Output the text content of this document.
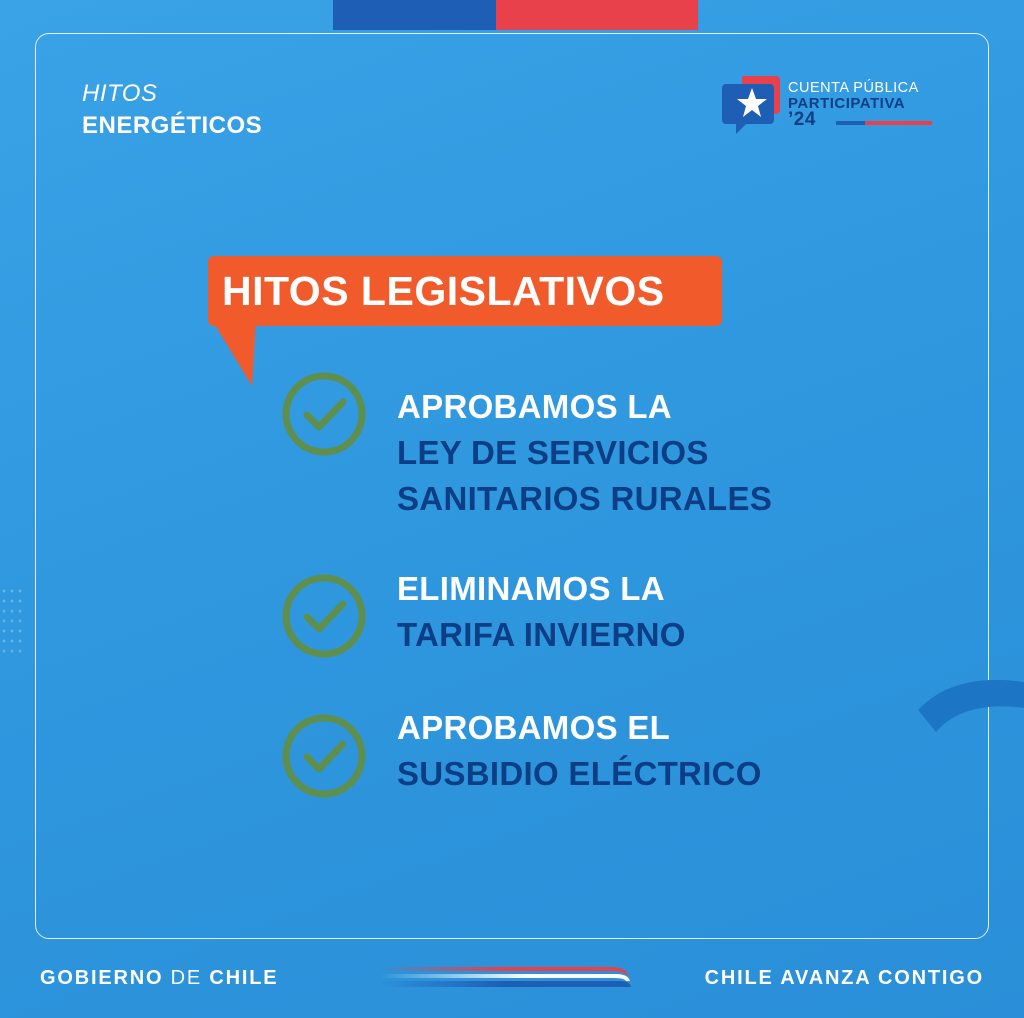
HITOS
ENERGÉTICOS
CUENTA PÚBLICA
PARTICIPATIVA
’24
HITOS LEGISLATIVOS
APROBAMOS LA
LEY DE SERVICIOS
SANITARIOS RURALES
ELIMINAMOS LA
TARIFA INVIERNO
APROBAMOS EL
SUSBIDIO ELÉCTRICO
GOBIERNO DE CHILE	CHILE AVANZA CONTIGO
